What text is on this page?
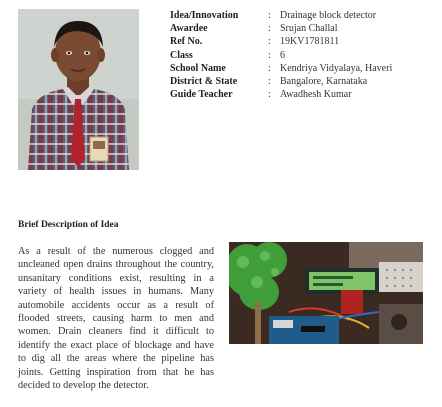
Idea/Innovation	:	Drainage block detector
Awardee	:	Srujan Challal
Ref No.	:	19KV1781811
Class	:	6
School Name	:	Kendriya Vidyalaya, Haveri
District & State	:	Bangalore, Karnataka
Guide Teacher	:	Awadhesh Kumar
Brief Description of Idea

As a result of the numerous clogged and uncleaned open drains throughout the country, unsanitary conditions exist, resulting in a variety of health issues in humans. Many automobile accidents occur as a result of flooded streets, causing harm to men and women. Drain cleaners find it difficult to identify the exact place of blockage and have to dig all the areas where the pipeline has joints. Getting inspiration from that he has decided to develop the detector.
